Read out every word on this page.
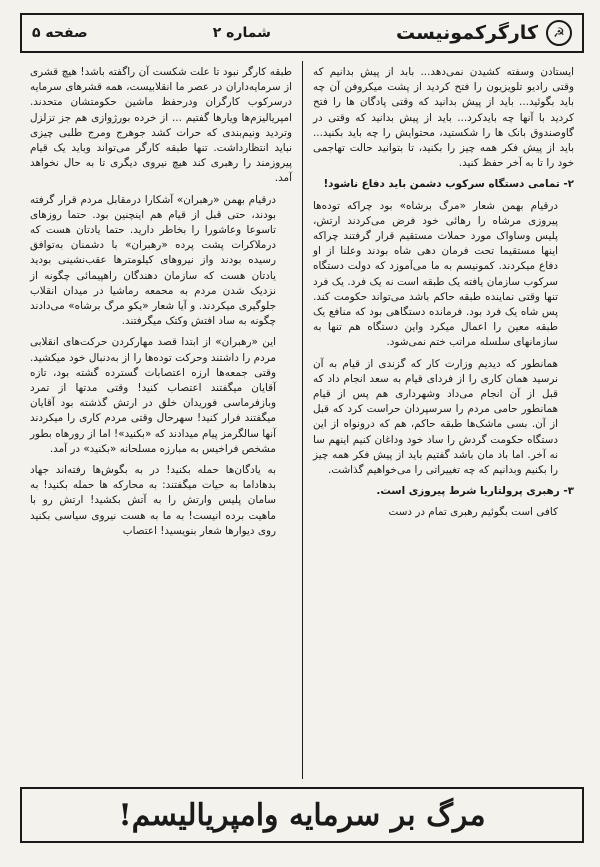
☭
کارگرکمونیست
شماره ۲
صفحه ۵

ایستادن وسفته کشیدن نمی‌دهد... بابد از پیش بدانیم که وقتی رادیو تلویزیون را فتح کردید از پشت میکروفن آن چه باید بگوئید... باید از پیش بدانید که وقتی پادگان ها را فتح کردید با آنها چه بایدکرد... باید از پیش بدانید که وقتی در گاوصندوق بانک ها را شکستید، محتوایش را چه باید بکنید... باید از پیش فکر همه چیز را بکنید، تا بتوانید حالت تهاجمی خود را تا به آخر حفظ کنید.

۲- تمامی دستگاه سرکوب دشمن باید دفاع ناشود!

درقیام بهمن شعار «مرگ برشاه» بود چراکه توده‌ها پیروزی مرشاه را رهائی خود فرض می‌کردند ارتش، پلیس وساواک مورد حملات مستقیم قرار گرفتند چراکه اینها مستقیما تحت فرمان دهی شاه بودند وعلنا از او دفاع میکردند. کمونیسم به ما می‌آموزد که دولت دستگاه سرکوب سازمان یافته یک طبقه است نه یک فرد. یک فرد تنها وقتی نماینده طبقه حاکم باشد می‌تواند حکومت کند. پس شاه یک فرد بود. فرمانده دستگاهی بود که منافع یک طبقه معین را اعمال میکرد واین دستگاه هم تنها به سازمانهای سلسله مراتب ختم نمی‌شود.

همانطور که دیدیم وزارت کار که گزندی از قیام به آن نرسید همان کاری را از فردای قیام به سعد انجام داد که قبل از آن انجام می‌داد وشهرداری هم پس از قیام همانطور حامی مردم را سرسپردان حراست کرد که قبل از آن. بسی ماشک‌ها طبقه حاکم، هم که درونواه از این دستگاه حکومت گردش را ساد خود وداغان کنیم اینهم سا نه آخر. اما باد مان باشد گفتیم باید از پیش فکر همه چیز را بکنیم وبدانیم که چه تغییراتی را می‌خواهیم گذاشت.

۳- رهبری پرولتاریا شرط پیروزی است.

کافی است بگوئیم رهبری تمام در دست

طبقه کارگر نبود تا علت شکست آن راگفته باشد! هیچ قشری از سرمایه‌داران در عصر ما انقلابیست، همه قشرهای سرمایه درسرکوب کارگران ودرحفظ ماشین حکومتشان متحدند. امپریالیزم‌ها ویارها گفتیم ... از خرده بورژوازی هم جز تزلزل وتردید ونیم‌بندی که حرات کشد جوهرج ومرج طلبی چیزی نباید انتظارداشت. تنها طبقه کارگر می‌تواند وباید یک قیام پیروزمند را رهبری کند هیچ نیروی دیگری تا به حال نخواهد آمد.

درقیام بهمن «رهبران» آشکارا درمقابل مردم قرار گرفته بودند، حتی قبل از قیام هم اینچنین بود. حتما روزهای تاسوعا وعاشورا را بخاطر دارید. حتما یادتان هست که درملاکرات پشت پرده «رهبران» با دشمنان به‌توافق رسیده بودند واز نیروهای کیلومترها عقب‌نشینی بودید یادتان هست که سازمان دهندگان راهپیمائی چگونه از نزدیک شدن مردم به محمعه رماشیا در میدان انقلاب جلوگیری میکردند. و آیا شعار «یکو مرگ برشاه» می‌دادند چگونه به ساد افتش وکتک میگرفتند.

این «رهبران» از ابتدا قصد مهارکردن حرکت‌های انقلابی مردم را داشتند وحرکت توده‌ها را از به‌دنبال خود میکشید. وقتی جمعه‌ها ارزه اعتصابات گسترده گشته بود، تازه آقایان میگفتند اعتصاب کنید! وقتی مدتها از تمرد وبازفرماسی فوریدان خلق در ارتش گذشته بود آقایان میگفتند فرار کنید! سهرحال وقتی مردم کاری را میکردند آنها سالگرمز پیام میدادند که «بکنید»! اما از رورهاه بطور مشخص فراخیس به مبارزه مسلحانه «بکنید» در آمد.

به یادگان‌ها حمله بکنید! در به بگوش‌ها رفته‌اند جهاد بدهاداما به حیات میگفتند: به محارکه ها حمله بکنید! به سامان پلیس وارتش را به آتش بکشید! ارتش رو با ماهیت برده انیست! به ما به هست نیروی سیاسی بکنید روی دیوارها شعار بنویسید! اعتصاب

مرگ بر سرمایه وامپریالیسم!
